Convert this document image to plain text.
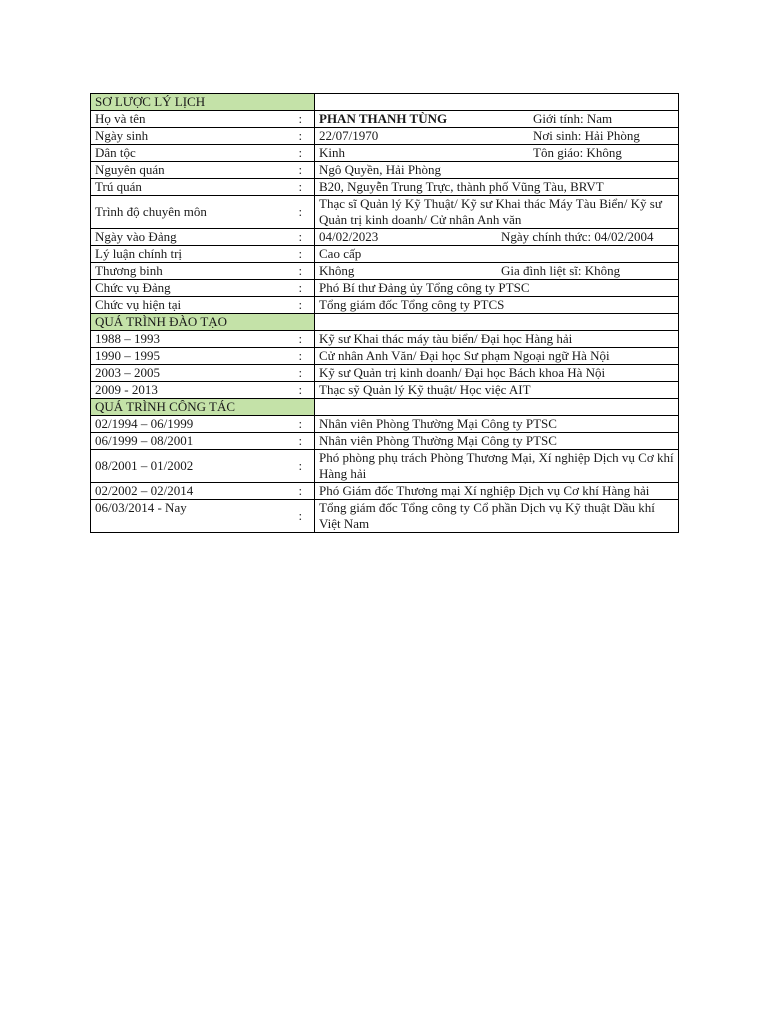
SƠ LƯỢC LÝ LỊCH		
Họ và tên	:	PHAN THANH TÙNG Giới tính: Nam

Ngày sinh	:	22/07/1970 Nơi sinh: Hải Phòng

Dân tộc	:	Kinh Tôn giáo: Không

Nguyên quán	:	Ngô Quyền, Hải Phòng
Trú quán	:	B20, Nguyễn Trung Trực, thành phố Vũng Tàu, BRVT
Trình độ chuyên môn	:	Thạc sĩ Quản lý Kỹ Thuật/ Kỹ sư Khai thác Máy Tàu Biển/ Kỹ sư Quản trị kinh doanh/ Cử nhân Anh văn
Ngày vào Đảng	:	04/02/2023 Ngày chính thức: 04/02/2004

Lý luận chính trị	:	Cao cấp
Thương binh	:	Không Gia đình liệt sĩ: Không

Chức vụ Đảng	:	Phó Bí thư Đảng ủy Tổng công ty PTSC
Chức vụ hiện tại	:	Tổng giám đốc Tổng công ty PTCS
QUÁ TRÌNH ĐÀO TẠO		
1988 – 1993	:	Kỹ sư Khai thác máy tàu biển/ Đại học Hàng hải
1990 – 1995	:	Cử nhân Anh Văn/ Đại học Sư phạm Ngoại ngữ Hà Nội
2003 – 2005	:	Kỹ sư Quản trị kinh doanh/ Đại học Bách khoa Hà Nội
2009 - 2013	:	Thạc sỹ Quản lý Kỹ thuật/ Học việc AIT
QUÁ TRÌNH CÔNG TÁC		
02/1994 – 06/1999	:	Nhân viên Phòng Thường Mại Công ty PTSC
06/1999 – 08/2001	:	Nhân viên Phòng Thường Mại Công ty PTSC
08/2001 – 01/2002	:	Phó phòng phụ trách Phòng Thương Mại, Xí nghiệp Dịch vụ Cơ khí Hàng hải
02/2002 – 02/2014	:	Phó Giám đốc Thương mại Xí nghiệp Dịch vụ Cơ khí Hàng hải
06/03/2014 - Nay	:	Tổng giám đốc Tổng công ty Cổ phần Dịch vụ Kỹ thuật Dầu khí Việt Nam
